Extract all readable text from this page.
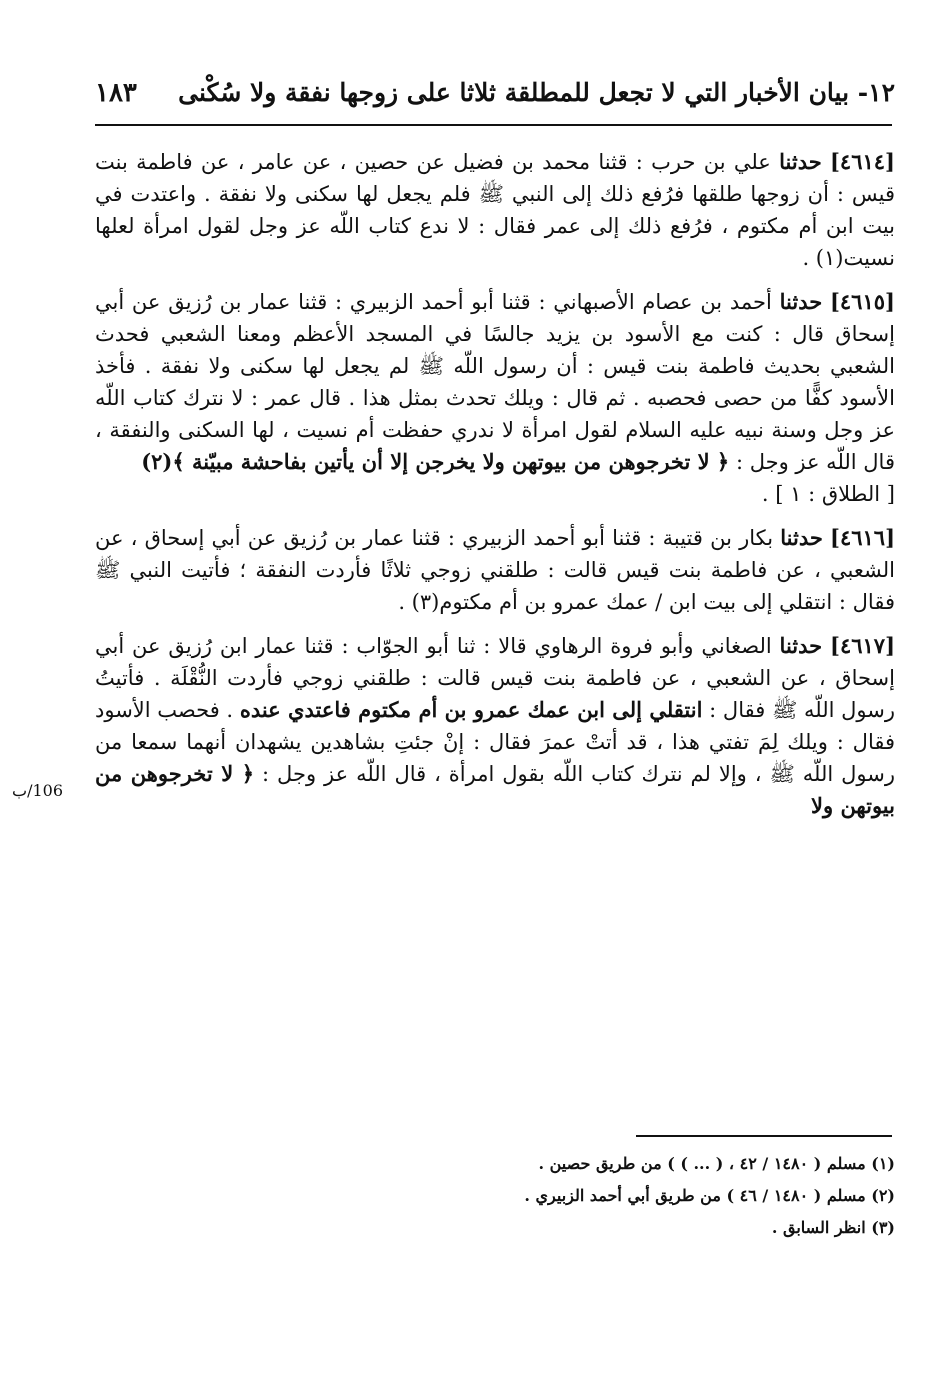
١٢- بيان الأخبار التي لا تجعل للمطلقة ثلاثا على زوجها نفقة ولا سُكْنى
١٨٣

[٤٦١٤] حدثنا علي بن حرب : قثنا محمد بن فضيل عن حصين ، عن عامر ، عن فاطمة بنت قيس : أن زوجها طلقها فرُفع ذلك إلى النبي ﷺ فلم يجعل لها سكنى ولا نفقة . واعتدت في بيت ابن أم مكتوم ، فرُفع ذلك إلى عمر فقال : لا ندع كتاب اللّه عز وجل لقول امرأة لعلها نسيت(١) .

[٤٦١٥] حدثنا أحمد بن عصام الأصبهاني : قثنا أبو أحمد الزبيري : قثنا عمار بن رُزيق عن أبي إسحاق قال : كنت مع الأسود بن يزيد جالسًا في المسجد الأعظم ومعنا الشعبي فحدث الشعبي بحديث فاطمة بنت قيس : أن رسول اللّه ﷺ لم يجعل لها سكنى ولا نفقة . فأخذ الأسود كفًّا من حصى فحصبه . ثم قال : ويلك تحدث بمثل هذا . قال عمر : لا نترك كتاب اللّه عز وجل وسنة نبيه عليه السلام لقول امرأة لا ندري حفظت أم نسيت ، لها السكنى والنفقة ، قال اللّه عز وجل : ﴿ لا تخرجوهن من بيوتهن ولا يخرجن إلا أن يأتين بفاحشة مبيّنة ﴾(٢)
[ الطلاق : ١ ] .

[٤٦١٦] حدثنا بكار بن قتيبة : قثنا أبو أحمد الزبيري : قثنا عمار بن رُزيق عن أبي إسحاق ، عن الشعبي ، عن فاطمة بنت قيس قالت : طلقني زوجي ثلاثًا فأردت النفقة ؛ فأتيت النبي ﷺ فقال : انتقلي إلى بيت ابن / عمك عمرو بن أم مكتوم(٣) .

[٤٦١٧] حدثنا الصغاني وأبو فروة الرهاوي قالا : ثنا أبو الجوّاب : قثنا عمار ابن رُزيق عن أبي إسحاق ، عن الشعبي ، عن فاطمة بنت قيس قالت : طلقني زوجي فأردت النُّقْلَة . فأتيتُ رسول اللّه ﷺ فقال : انتقلي إلى ابن عمك عمرو بن أم مكتوم فاعتدي عنده . فحصب الأسود فقال : ويلك لِمَ تفتي هذا ، قد أتتْ عمرَ فقال : إنْ جئتِ بشاهدين يشهدان أنهما سمعا من رسول اللّه ﷺ ، وإلا لم نترك كتاب اللّه بقول امرأة ، قال اللّه عز وجل : ﴿ لا تخرجوهن من بيوتهن ولا

106/ب
(١) مسلم ( ١٤٨٠ / ٤٢ ، ( ... ) ) من طريق حصين .
(٢) مسلم ( ١٤٨٠ / ٤٦ ) من طريق أبي أحمد الزبيري .
(٣) انظر السابق .
